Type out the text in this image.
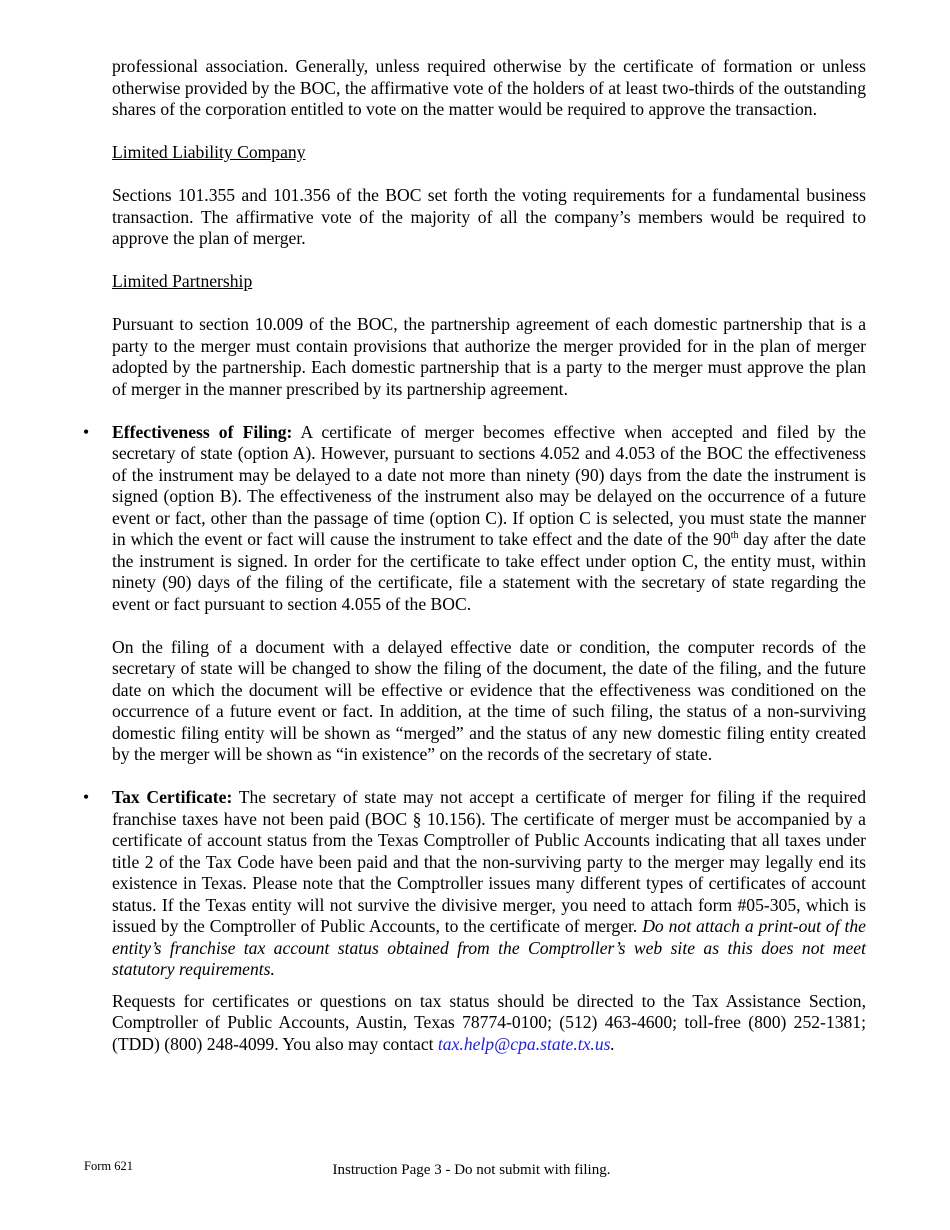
professional association. Generally, unless required otherwise by the certificate of formation or unless otherwise provided by the BOC, the affirmative vote of the holders of at least two-thirds of the outstanding shares of the corporation entitled to vote on the matter would be required to approve the transaction.

Limited Liability Company

Sections 101.355 and 101.356 of the BOC set forth the voting requirements for a fundamental business transaction. The affirmative vote of the majority of all the company’s members would be required to approve the plan of merger.

Limited Partnership

Pursuant to section 10.009 of the BOC, the partnership agreement of each domestic partnership that is a party to the merger must contain provisions that authorize the merger provided for in the plan of merger adopted by the partnership. Each domestic partnership that is a party to the merger must approve the plan of merger in the manner prescribed by its partnership agreement.

• Effectiveness of Filing: A certificate of merger becomes effective when accepted and filed by the secretary of state (option A). However, pursuant to sections 4.052 and 4.053 of the BOC the effectiveness of the instrument may be delayed to a date not more than ninety (90) days from the date the instrument is signed (option B). The effectiveness of the instrument also may be delayed on the occurrence of a future event or fact, other than the passage of time (option C). If option C is selected, you must state the manner in which the event or fact will cause the instrument to take effect and the date of the 90th day after the date the instrument is signed. In order for the certificate to take effect under option C, the entity must, within ninety (90) days of the filing of the certificate, file a statement with the secretary of state regarding the event or fact pursuant to section 4.055 of the BOC.

On the filing of a document with a delayed effective date or condition, the computer records of the secretary of state will be changed to show the filing of the document, the date of the filing, and the future date on which the document will be effective or evidence that the effectiveness was conditioned on the occurrence of a future event or fact. In addition, at the time of such filing, the status of a non-surviving domestic filing entity will be shown as “merged” and the status of any new domestic filing entity created by the merger will be shown as “in existence” on the records of the secretary of state.

• Tax Certificate: The secretary of state may not accept a certificate of merger for filing if the required franchise taxes have not been paid (BOC § 10.156). The certificate of merger must be accompanied by a certificate of account status from the Texas Comptroller of Public Accounts indicating that all taxes under title 2 of the Tax Code have been paid and that the non-surviving party to the merger may legally end its existence in Texas. Please note that the Comptroller issues many different types of certificates of account status. If the Texas entity will not survive the divisive merger, you need to attach form #05-305, which is issued by the Comptroller of Public Accounts, to the certificate of merger. Do not attach a print-out of the entity’s franchise tax account status obtained from the Comptroller’s web site as this does not meet statutory requirements.

Requests for certificates or questions on tax status should be directed to the Tax Assistance Section, Comptroller of Public Accounts, Austin, Texas 78774-0100; (512) 463-4600; toll-free (800) 252-1381; (TDD) (800) 248-4099. You also may contact tax.help@cpa.state.tx.us.

Form 621	Instruction Page 3 - Do not submit with filing.
